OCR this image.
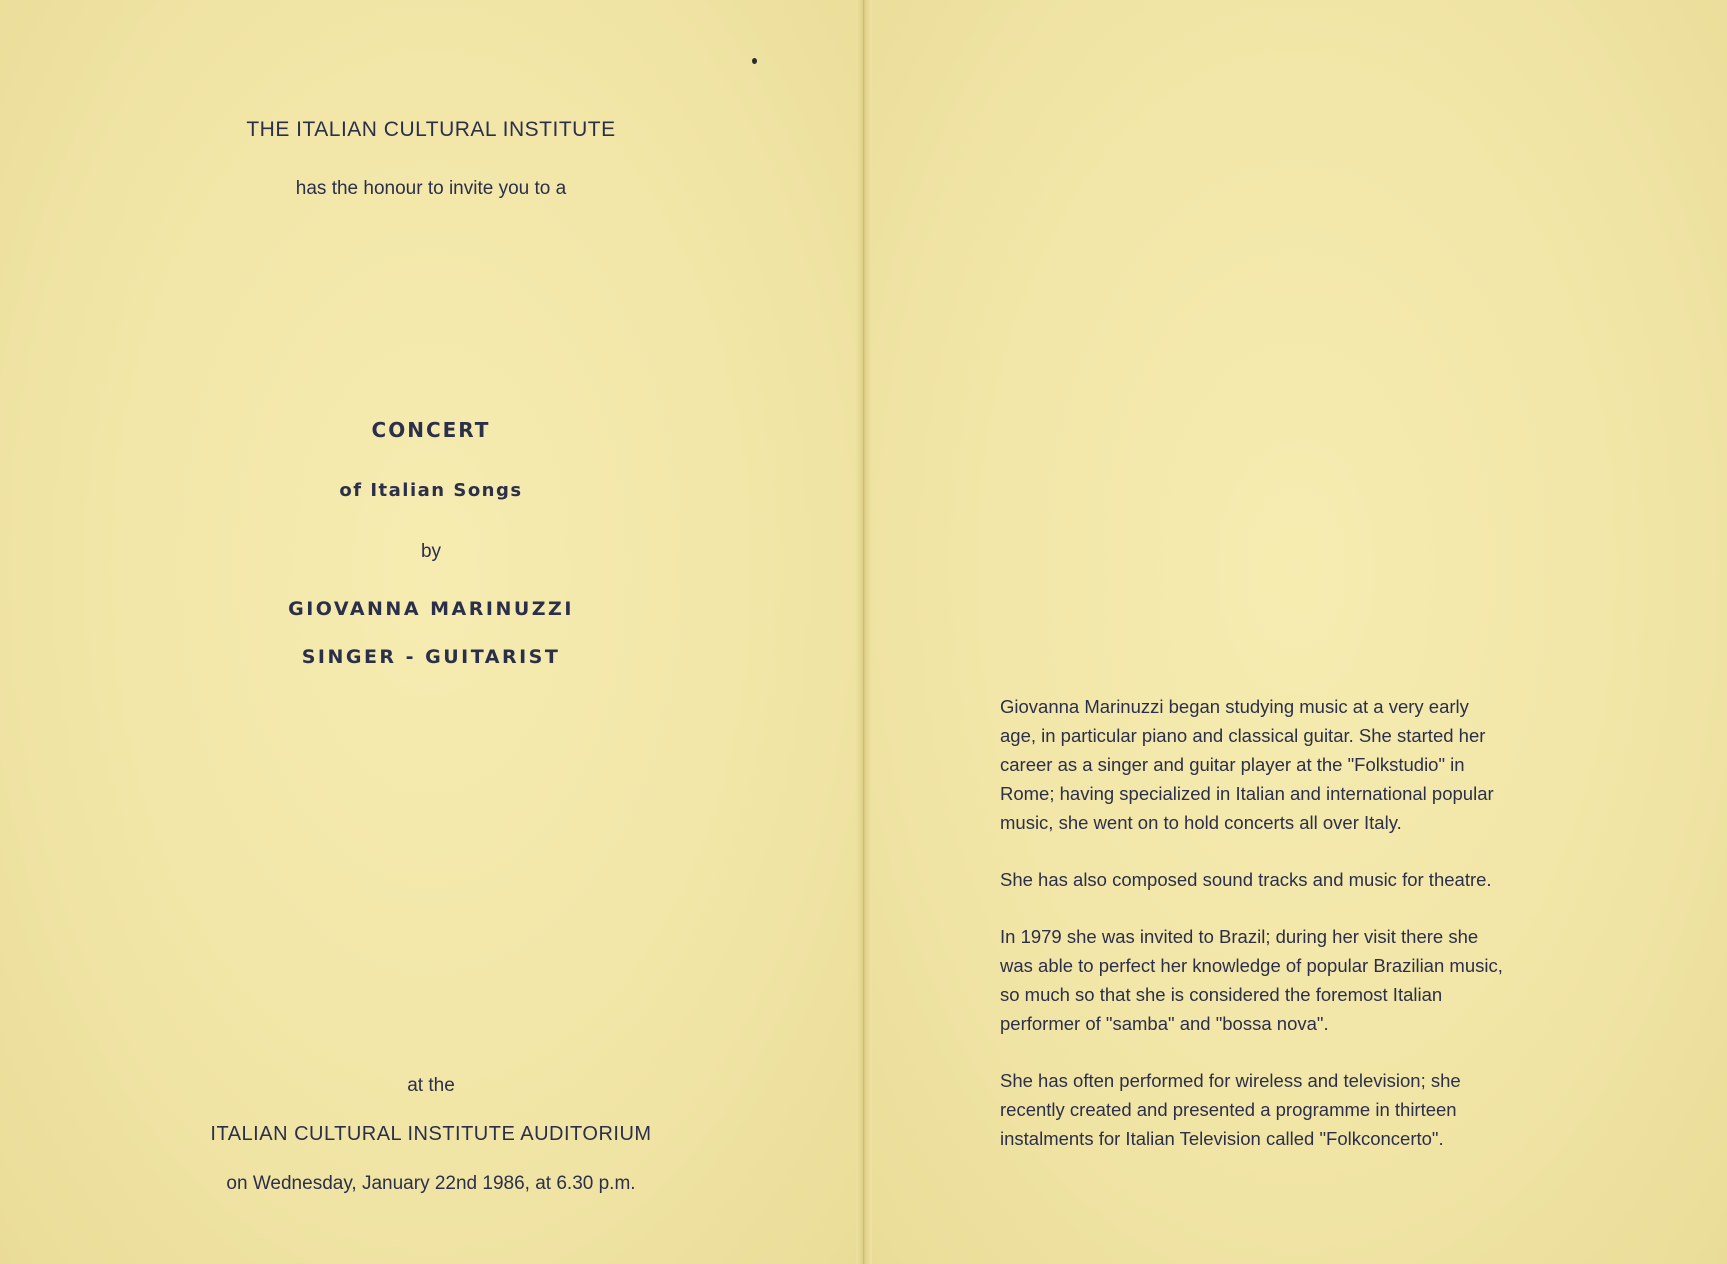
THE ITALIAN CULTURAL INSTITUTE
has the honour to invite you to a
CONCERT
of Italian Songs
by
GIOVANNA MARINUZZI
SINGER - GUITARIST
at the
ITALIAN CULTURAL INSTITUTE AUDITORIUM
on Wednesday, January 22nd 1986, at 6.30 p.m.

Giovanna Marinuzzi began studying music at a very early
age, in particular piano and classical guitar. She started her
career as a singer and guitar player at the "Folkstudio" in
Rome; having specialized in Italian and international popular
music, she went on to hold concerts all over Italy.

She has also composed sound tracks and music for theatre.

In 1979 she was invited to Brazil; during her visit there she
was able to perfect her knowledge of popular Brazilian music,
so much so that she is considered the foremost Italian
performer of "samba" and "bossa nova".

She has often performed for wireless and television; she
recently created and presented a programme in thirteen
instalments for Italian Television called "Folkconcerto".
